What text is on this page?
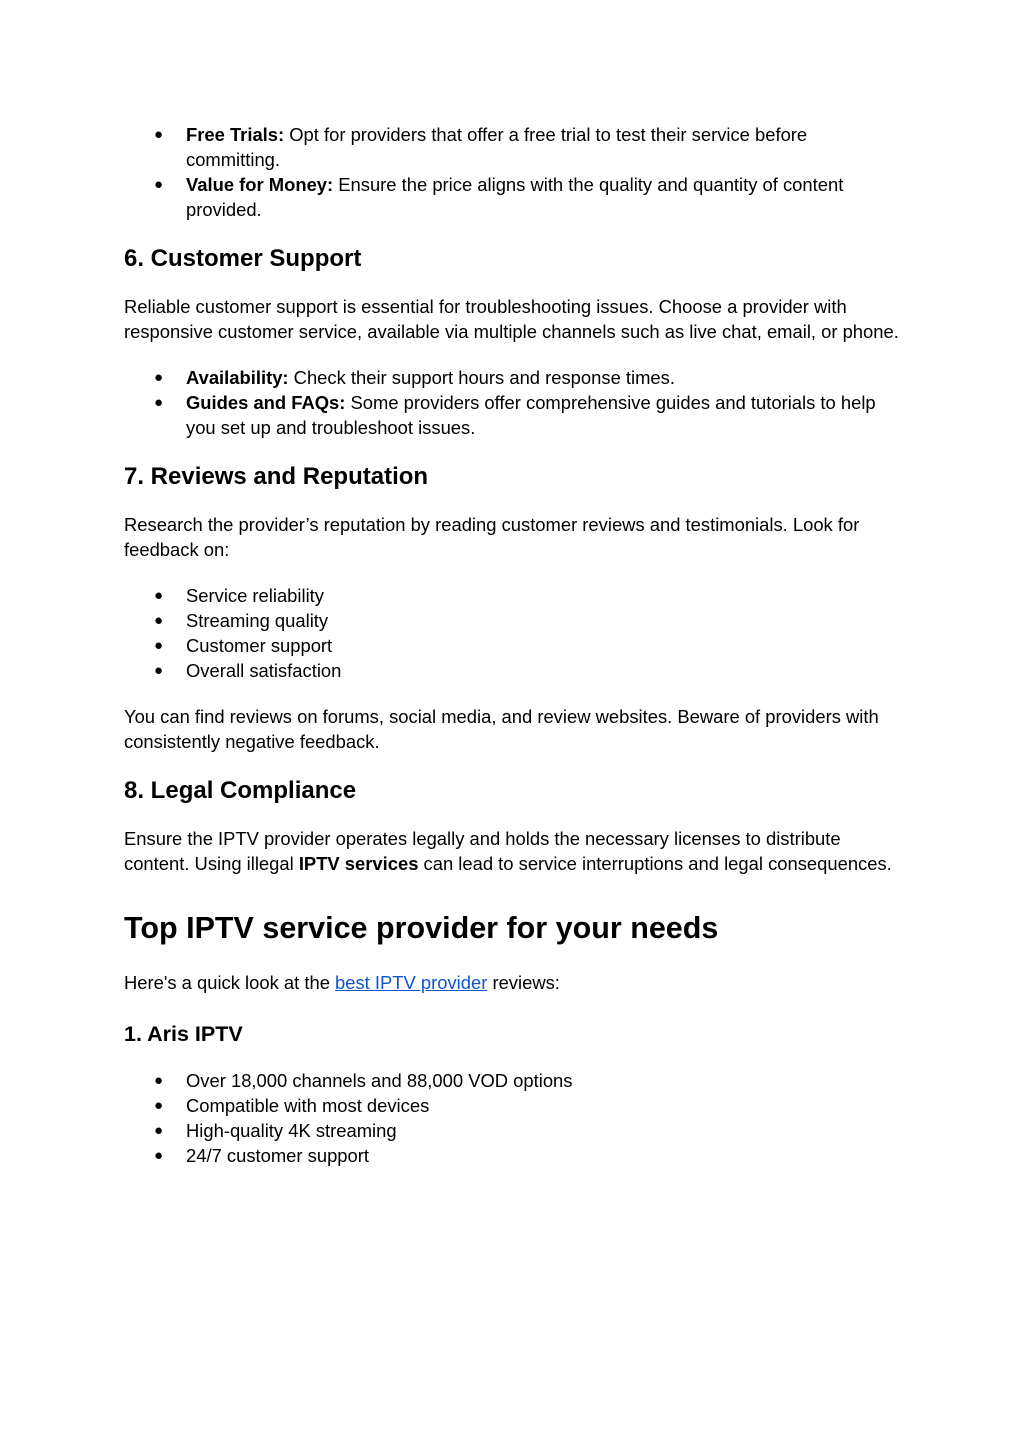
● Free Trials: Opt for providers that offer a free trial to test their service before committing.
● Value for Money: Ensure the price aligns with the quality and quantity of content provided.
6. Customer Support

Reliable customer support is essential for troubleshooting issues. Choose a provider with responsive customer service, available via multiple channels such as live chat, email, or phone.

● Availability: Check their support hours and response times.
● Guides and FAQs: Some providers offer comprehensive guides and tutorials to help you set up and troubleshoot issues.
7. Reviews and Reputation

Research the provider’s reputation by reading customer reviews and testimonials. Look for feedback on:

● Service reliability
● Streaming quality
● Customer support
● Overall satisfaction

You can find reviews on forums, social media, and review websites. Beware of providers with consistently negative feedback.

8. Legal Compliance

Ensure the IPTV provider operates legally and holds the necessary licenses to distribute content. Using illegal IPTV services can lead to service interruptions and legal consequences.

Top IPTV service provider for your needs

Here's a quick look at the best IPTV provider reviews:

1. Aris IPTV
● Over 18,000 channels and 88,000 VOD options
● Compatible with most devices
● High-quality 4K streaming
● 24/7 customer support
